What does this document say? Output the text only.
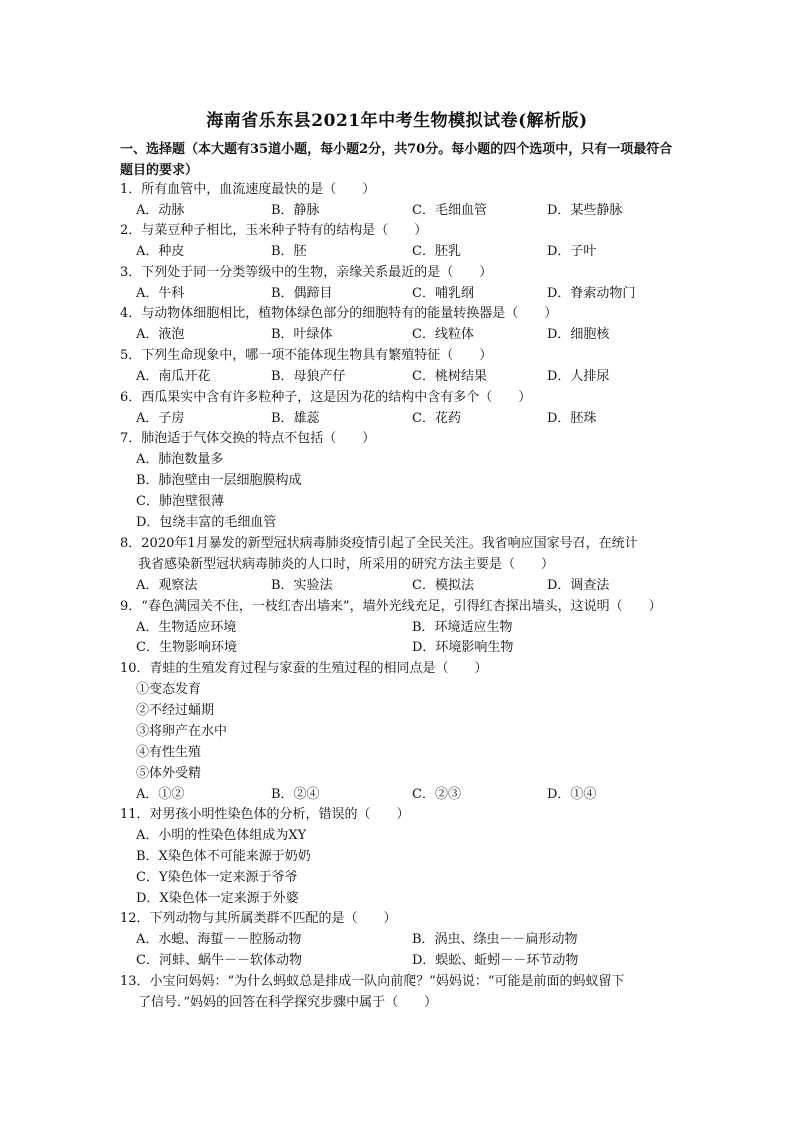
海南省乐东县2021年中考生物模拟试卷(解析版)
一、选择题（本大题有35道小题，每小题2分，共70分。每小题的四个选项中，只有一项最符合题目的要求）
1．所有血管中，血流速度最快的是（　　）
A．动脉	B．静脉	C．毛细血管	D．某些静脉
2．与菜豆种子相比，玉米种子特有的结构是（　　）
A．种皮	B．胚	C．胚乳	D．子叶
3．下列处于同一分类等级中的生物，亲缘关系最近的是（　　）
A．牛科	B．偶蹄目	C．哺乳纲	D．脊索动物门
4．与动物体细胞相比，植物体绿色部分的细胞特有的能量转换器是（　　）
A．液泡	B．叶绿体	C．线粒体	D．细胞核
5．下列生命现象中，哪一项不能体现生物具有繁殖特征（　　）
A．南瓜开花	B．母狼产仔	C．桃树结果	D．人排尿
6．西瓜果实中含有许多粒种子，这是因为花的结构中含有多个（　　）
A．子房	B．雄蕊	C．花药	D．胚珠
7．肺泡适于气体交换的特点不包括（　　）
A．肺泡数量多
B．肺泡壁由一层细胞膜构成
C．肺泡壁很薄
D．包绕丰富的毛细血管
8．2020年1月暴发的新型冠状病毒肺炎疫情引起了全民关注。我省响应国家号召，在统计
我省感染新型冠状病毒肺炎的人口时，所采用的研究方法主要是（　　）
A．观察法	B．实验法	C．模拟法	D．调查法
9．“春色满园关不住，一枝红杏出墙来”，墙外光线充足，引得红杏探出墙头，这说明（　　）
A．生物适应环境	B．环境适应生物
C．生物影响环境	D．环境影响生物
10．青蛙的生殖发育过程与家蚕的生殖过程的相同点是（　　）
①变态发育
②不经过蛹期
③将卵产在水中
④有性生殖
⑤体外受精
A．①②	B．②④	C．②③	D．①④
11．对男孩小明性染色体的分析，错误的（　　）
A．小明的性染色体组成为XY
B．X染色体不可能来源于奶奶
C．Y染色体一定来源于爷爷
D．X染色体一定来源于外婆
12．下列动物与其所属类群不匹配的是（　　）
A．水螅、海蜇－－腔肠动物	B．涡虫、绦虫－－扁形动物
C．河蚌、蜗牛－－软体动物	D．蜈蚣、蚯蚓－－环节动物
13．小宝问妈妈：“为什么蚂蚁总是排成一队向前爬？”妈妈说：“可能是前面的蚂蚁留下
了信号．”妈妈的回答在科学探究步骤中属于（　　）
